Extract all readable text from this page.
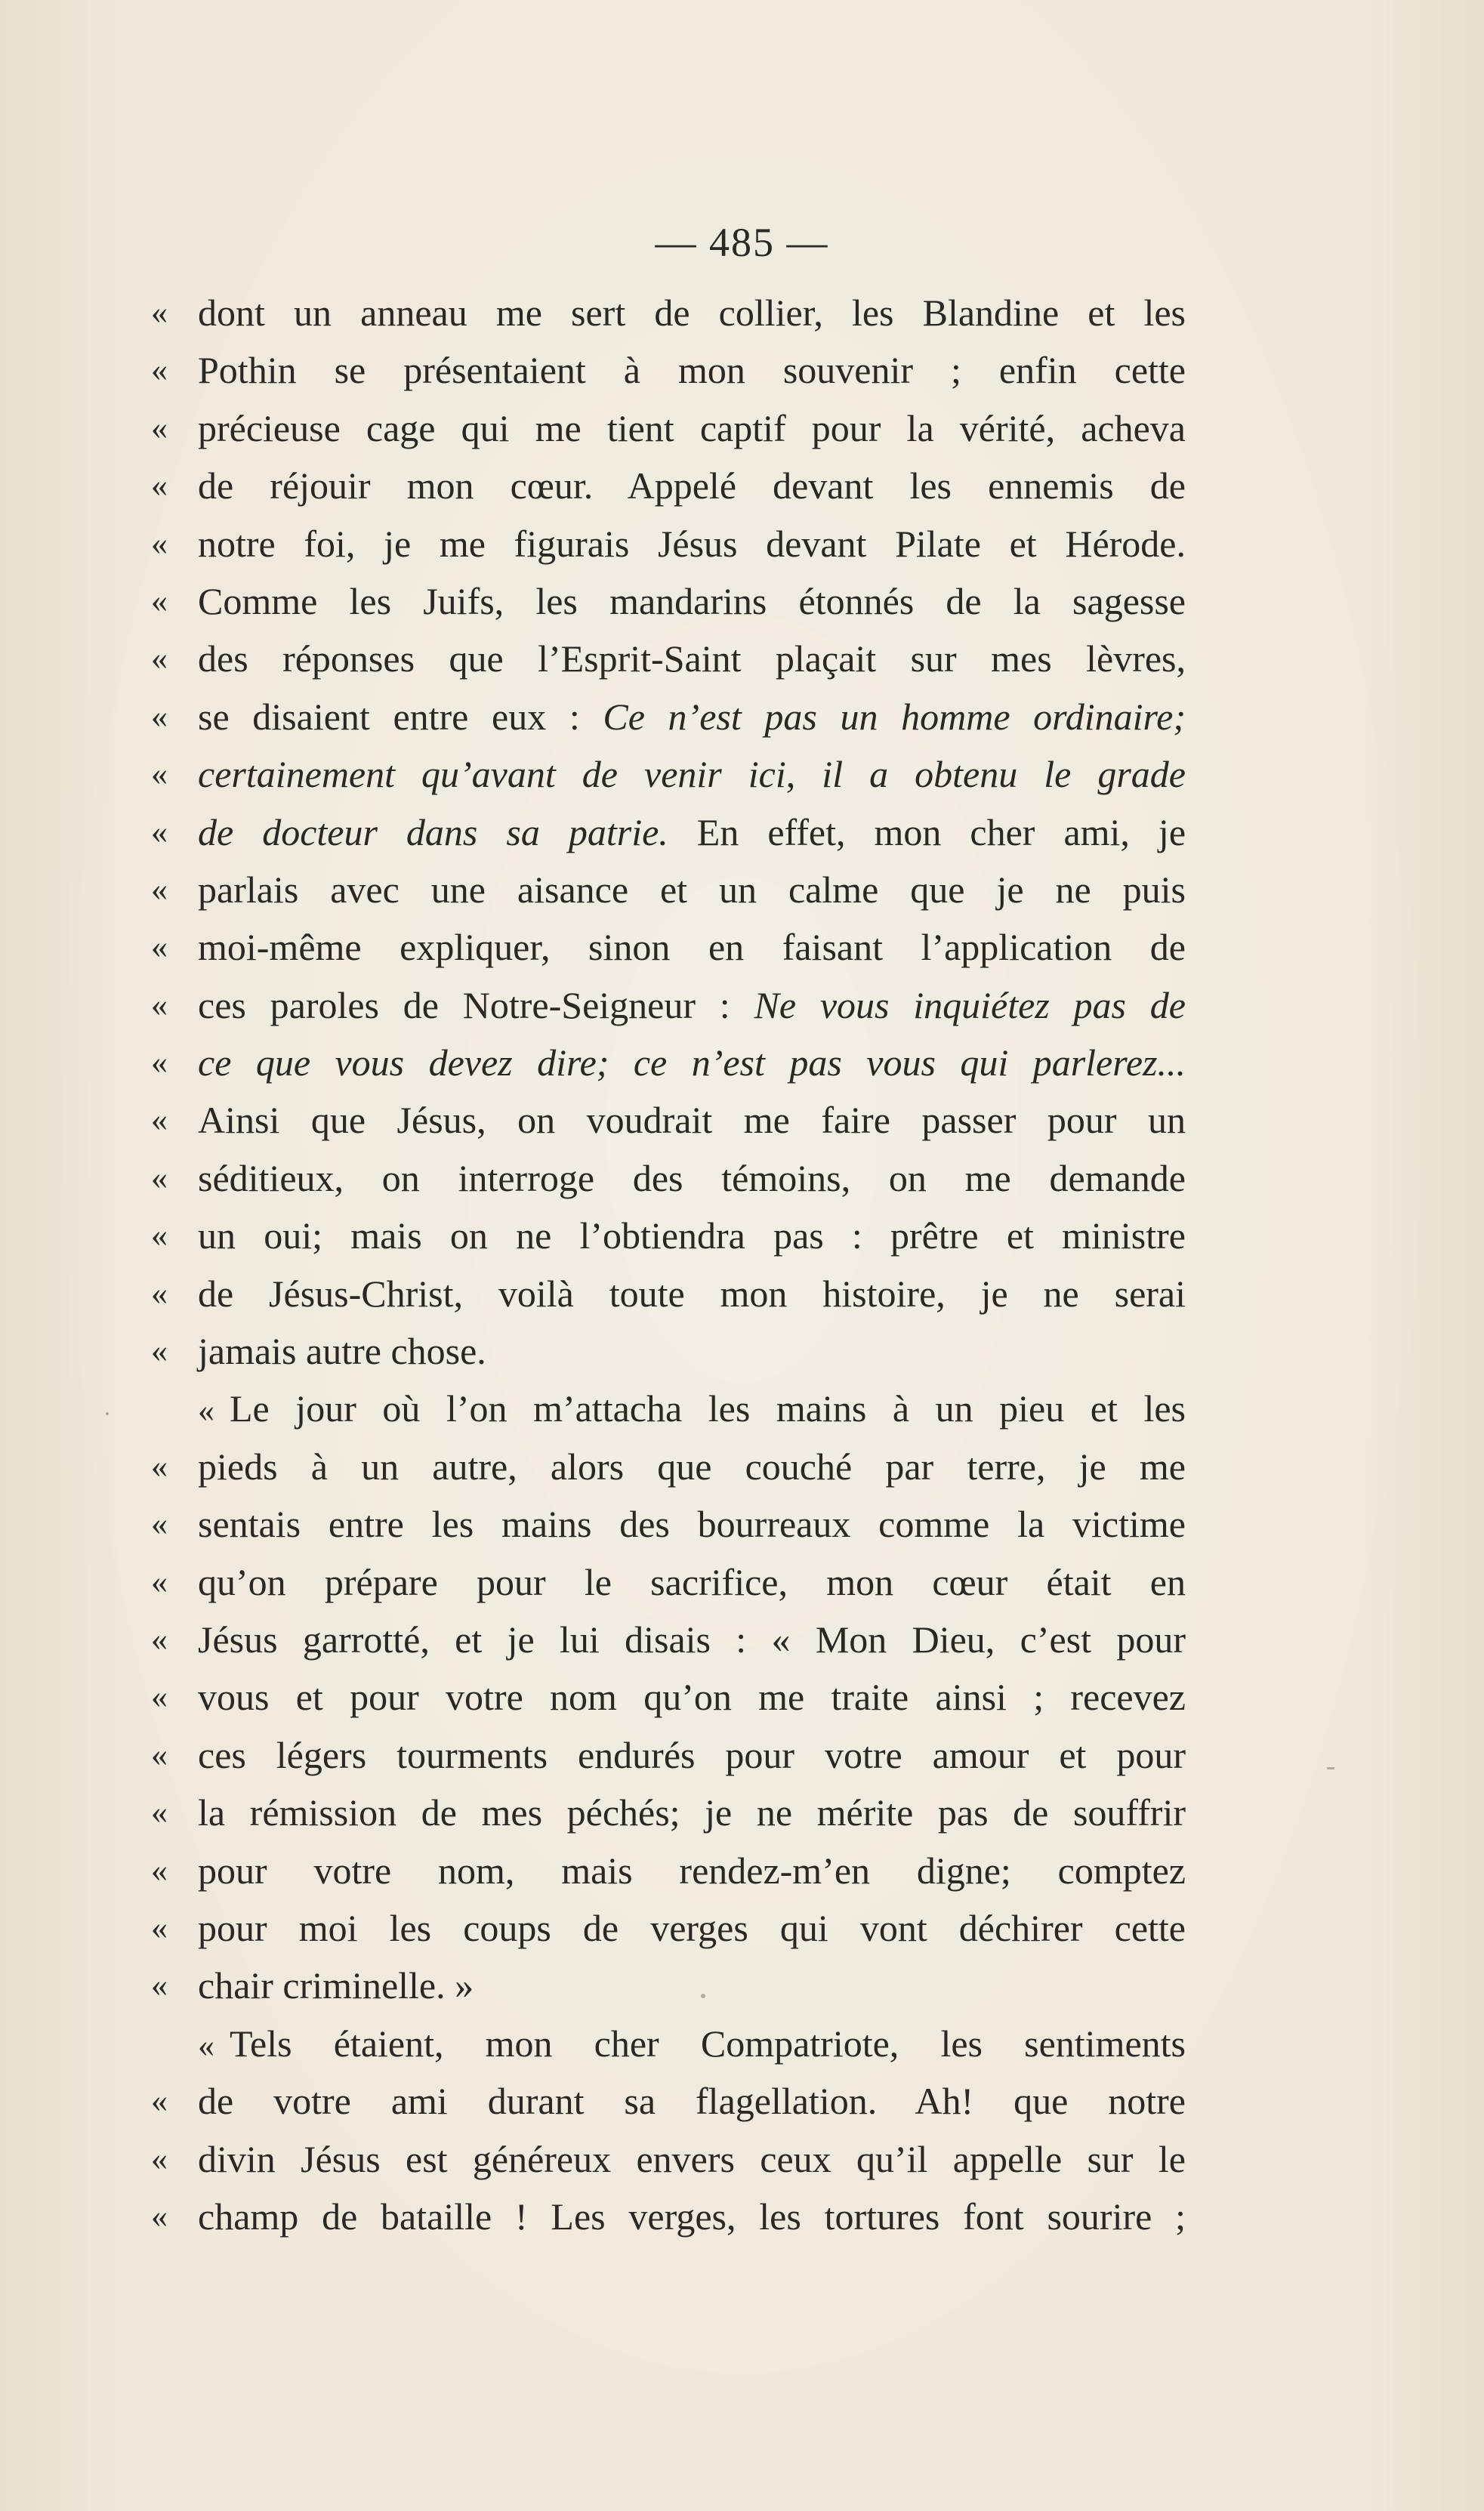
— 485 —
« dont un anneau me sert de collier, les Blandine et les
« Pothin se présentaient à mon souvenir ; enfin cette
« précieuse cage qui me tient captif pour la vérité, acheva
« de réjouir mon cœur. Appelé devant les ennemis de
« notre foi, je me figurais Jésus devant Pilate et Hérode.
« Comme les Juifs, les mandarins étonnés de la sagesse
« des réponses que l’Esprit-Saint plaçait sur mes lèvres,
« se disaient entre eux : Ce n’est pas un homme ordinaire;
« certainement qu’avant de venir ici, il a obtenu le grade
« de docteur dans sa patrie. En effet, mon cher ami, je
« parlais avec une aisance et un calme que je ne puis
« moi-même expliquer, sinon en faisant l’application de
« ces paroles de Notre-Seigneur : Ne vous inquiétez pas de
« ce que vous devez dire; ce n’est pas vous qui parlerez...
« Ainsi que Jésus, on voudrait me faire passer pour un
« séditieux, on interroge des témoins, on me demande
« un oui; mais on ne l’obtiendra pas : prêtre et ministre
« de Jésus-Christ, voilà toute mon histoire, je ne serai
« jamais autre chose.
« Le jour où l’on m’attacha les mains à un pieu et les
« pieds à un autre, alors que couché par terre, je me
« sentais entre les mains des bourreaux comme la victime
« qu’on prépare pour le sacrifice, mon cœur était en
« Jésus garrotté, et je lui disais : « Mon Dieu, c’est pour
« vous et pour votre nom qu’on me traite ainsi ; recevez
« ces légers tourments endurés pour votre amour et pour
« la rémission de mes péchés; je ne mérite pas de souffrir
« pour votre nom, mais rendez-m’en digne; comptez
« pour moi les coups de verges qui vont déchirer cette
« chair criminelle. »
« Tels étaient, mon cher Compatriote, les sentiments
« de votre ami durant sa flagellation. Ah! que notre
« divin Jésus est généreux envers ceux qu’il appelle sur le
« champ de bataille ! Les verges, les tortures font sourire ;
